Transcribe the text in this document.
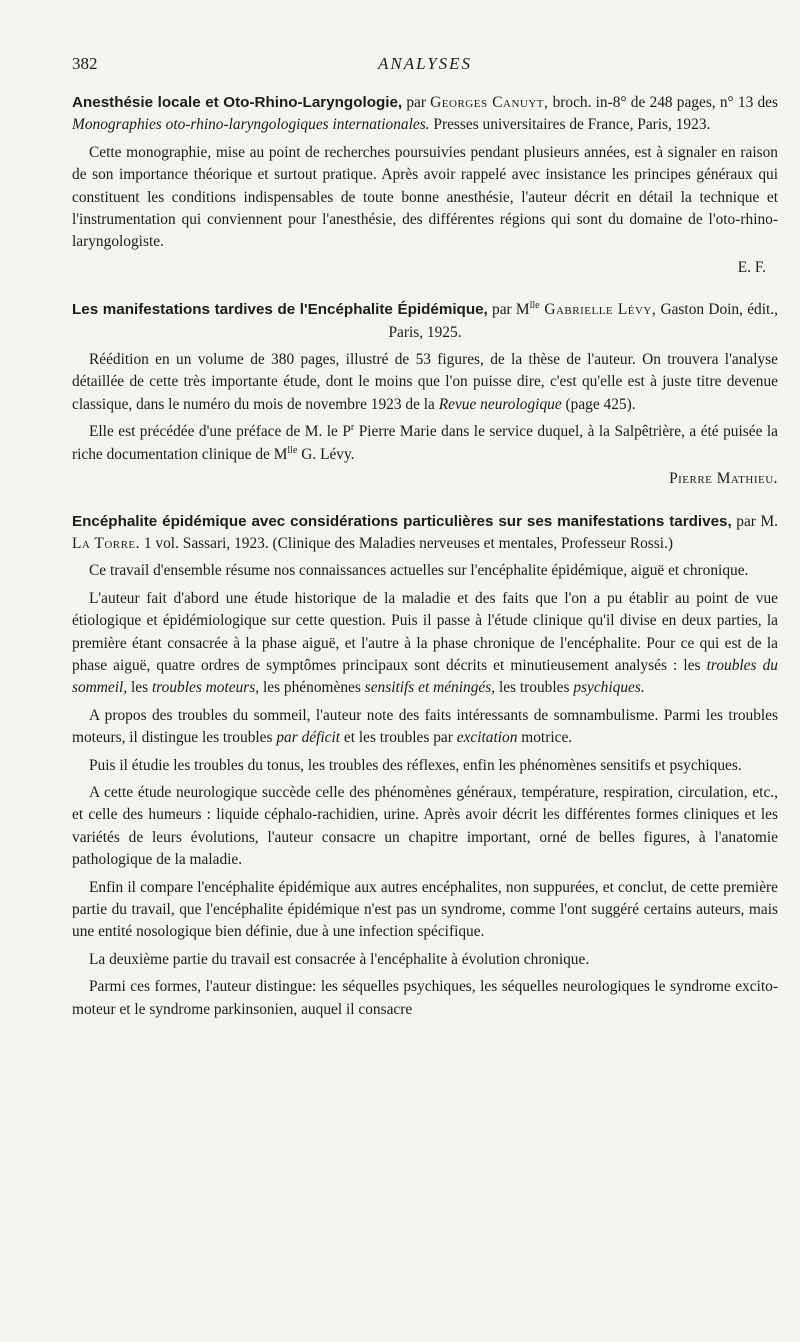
382	ANALYSES

Anesthésie locale et Oto-Rhino-Laryngologie, par Georges Canuyt, broch. in-8° de 248 pages, n° 13 des Monographies oto-rhino-laryngologiques internationales. Presses universitaires de France, Paris, 1923.

Cette monographie, mise au point de recherches poursuivies pendant plusieurs années, est à signaler en raison de son importance théorique et surtout pratique. Après avoir rappelé avec insistance les principes généraux qui constituent les conditions indispensables de toute bonne anesthésie, l'auteur décrit en détail la technique et l'instrumentation qui conviennent pour l'anesthésie, des différentes régions qui sont du domaine de l'oto-rhino-laryngologiste.

E. F.

Les manifestations tardives de l'Encéphalite Épidémique, par $M^{lle}$ Gabrielle Lévy, Gaston Doin, édit., Paris, 1925.

Réédition en un volume de 380 pages, illustré de 53 figures, de la thèse de l'auteur. On trouvera l'analyse détaillée de cette très importante étude, dont le moins que l'on puisse dire, c'est qu'elle est à juste titre devenue classique, dans le numéro du mois de novembre 1923 de la Revue neurologique (page 425).

Elle est précédée d'une préface de M. le $P^r$ Pierre Marie dans le service duquel, à la Salpêtrière, a été puisée la riche documentation clinique de $M^{lle}$ G. Lévy.

Pierre Mathieu.

Encéphalite épidémique avec considérations particulières sur ses manifestations tardives, par M. La Torre. 1 vol. Sassari, 1923. (Clinique des Maladies nerveuses et mentales, Professeur Rossi.)

Ce travail d'ensemble résume nos connaissances actuelles sur l'encéphalite épidémique, aiguë et chronique.

L'auteur fait d'abord une étude historique de la maladie et des faits que l'on a pu établir au point de vue étiologique et épidémiologique sur cette question. Puis il passe à l'étude clinique qu'il divise en deux parties, la première étant consacrée à la phase aiguë, et l'autre à la phase chronique de l'encéphalite. Pour ce qui est de la phase aiguë, quatre ordres de symptômes principaux sont décrits et minutieusement analysés : les troubles du sommeil, les troubles moteurs, les phénomènes sensitifs et méningés, les troubles psychiques.

A propos des troubles du sommeil, l'auteur note des faits intéressants de somnambulisme. Parmi les troubles moteurs, il distingue les troubles par déficit et les troubles par excitation motrice.

Puis il étudie les troubles du tonus, les troubles des réflexes, enfin les phénomènes sensitifs et psychiques.

A cette étude neurologique succède celle des phénomènes généraux, température, respiration, circulation, etc., et celle des humeurs : liquide céphalo-rachidien, urine. Après avoir décrit les différentes formes cliniques et les variétés de leurs évolutions, l'auteur consacre un chapitre important, orné de belles figures, à l'anatomie pathologique de la maladie.

Enfin il compare l'encéphalite épidémique aux autres encéphalites, non suppurées, et conclut, de cette première partie du travail, que l'encéphalite épidémique n'est pas un syndrome, comme l'ont suggéré certains auteurs, mais une entité nosologique bien définie, due à une infection spécifique.

La deuxième partie du travail est consacrée à l'encéphalite à évolution chronique.

Parmi ces formes, l'auteur distingue: les séquelles psychiques, les séquelles neurologiques le syndrome excito-moteur et le syndrome parkinsonien, auquel il consacre
